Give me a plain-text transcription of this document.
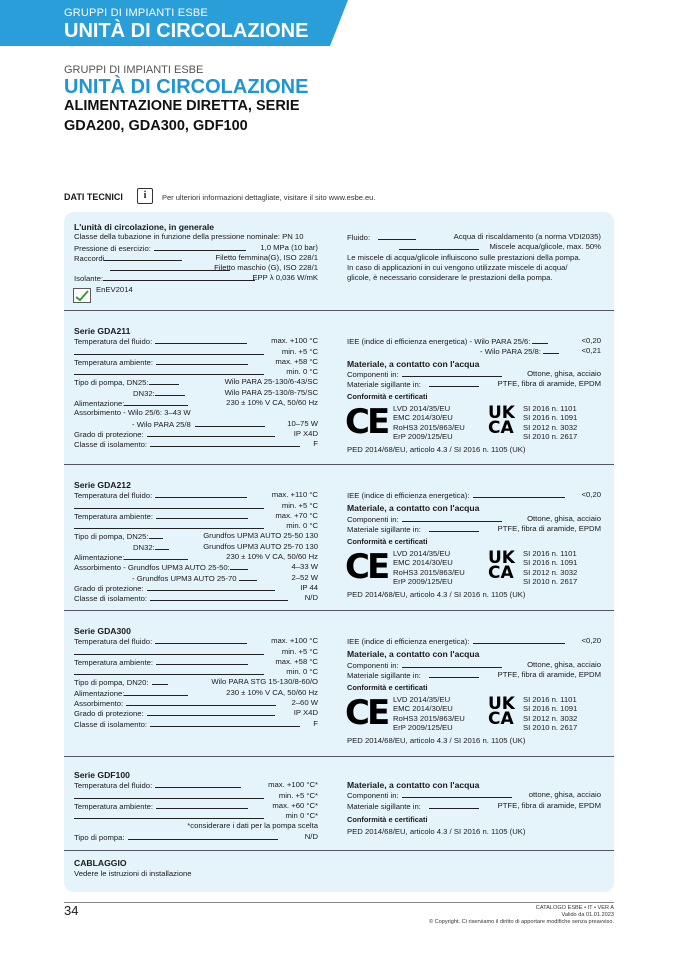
GRUPPI DI IMPIANTI ESBE
UNITÀ DI CIRCOLAZIONE
GRUPPI DI IMPIANTI ESBE
UNITÀ DI CIRCOLAZIONE
ALIMENTAZIONE DIRETTA, SERIE
GDA200, GDA300, GDF100
DATI TECNICI	i	Per ulteriori informazioni dettagliate, visitare il sito www.esbe.eu.
L'unità di circolazione, in generale
Classe della tubazione in funzione della pressione nominale: PN 10
Pressione di esercizio:	1,0 MPa (10 bar)
Raccordi	Filetto femmina(G), ISO 228/1
Filetto maschio (G), ISO 228/1
Isolante:	EPP λ 0,036 W/mK
EnEV2014
Fluido:	Acqua di riscaldamento (a norma VDI2035)
Miscele acqua/glicole, max. 50%
Le miscele di acqua/glicole influiscono sulle prestazioni della pompa.
In caso di applicazioni in cui vengono utilizzate miscele di acqua/
glicole, è necessario considerare le prestazioni della pompa.
Serie GDA211
Temperatura del fluido:	max. +100 °C
min. +5 °C
Temperatura ambiente:	max. +58 °C
min. 0 °C
Tipo di pompa, DN25:	Wilo PARA 25-130/6-43/SC
DN32:	Wilo PARA 25-130/8-75/SC
Alimentazione:	230 ± 10% V CA, 50/60 Hz
Assorbimento - Wilo 25/6: 3–43 W
- Wilo PARA 25/8	10–75 W
Grado di protezione:	IP X4D
Classe di isolamento:	F
IEE (indice di efficienza energetica) - Wilo PARA 25/6:	<0,20
- Wilo PARA 25/8:	<0,21
Materiale, a contatto con l'acqua
Componenti in:	Ottone, ghisa, acciaio
Materiale sigillante in:	PTFE, fibra di aramide, EPDM
Conformità e certificati
CE LVD 2014/35/EU
EMC 2014/30/EU
RoHS3 2015/863/EU
ErP 2009/125/EU
UK
CA
SI 2016 n. 1101
SI 2016 n. 1091
SI 2012 n. 3032
SI 2010 n. 2617
PED 2014/68/EU, articolo 4.3 / SI 2016 n. 1105 (UK)
Serie GDA212
Temperatura del fluido:	max. +110 °C
min. +5 °C
Temperatura ambiente:	max. +70 °C
min. 0 °C
Tipo di pompa, DN25:	Grundfos UPM3 AUTO 25-50 130
DN32:	Grundfos UPM3 AUTO 25-70 130
Alimentazione:	230 ± 10% V CA, 50/60 Hz
Assorbimento - Grundfos UPM3 AUTO 25-50:	4–33 W
- Grundfos UPM3 AUTO 25-70	2–52 W
Grado di protezione:	IP 44
Classe di isolamento:	N/D
IEE (indice di efficienza energetica):	<0,20
Materiale, a contatto con l'acqua
Componenti in:	Ottone, ghisa, acciaio
Materiale sigillante in:	PTFE, fibra di aramide, EPDM
Conformità e certificati
CE LVD 2014/35/EU
EMC 2014/30/EU
RoHS3 2015/863/EU
ErP 2009/125/EU
UK
CA
SI 2016 n. 1101
SI 2016 n. 1091
SI 2012 n. 3032
SI 2010 n. 2617
PED 2014/68/EU, articolo 4.3 / SI 2016 n. 1105 (UK)
Serie GDA300
Temperatura del fluido:	max. +100 °C
min. +5 °C
Temperatura ambiente:	max. +58 °C
min. 0 °C
Tipo di pompa, DN20:	Wilo PARA STG 15-130/8-60/O
Alimentazione:	230 ± 10% V CA, 50/60 Hz
Assorbimento:	2–60 W
Grado di protezione:	IP X4D
Classe di isolamento:	F
IEE (indice di efficienza energetica):	<0,20
Materiale, a contatto con l'acqua
Componenti in:	Ottone, ghisa, acciaio
Materiale sigillante in:	PTFE, fibra di aramide, EPDM
Conformità e certificati
CE LVD 2014/35/EU
EMC 2014/30/EU
RoHS3 2015/863/EU
ErP 2009/125/EU
UK
CA
SI 2016 n. 1101
SI 2016 n. 1091
SI 2012 n. 3032
SI 2010 n. 2617
PED 2014/68/EU, articolo 4.3 / SI 2016 n. 1105 (UK)
Serie GDF100
Temperatura del fluido:	max. +100 °C*
min. +5 °C*
Temperatura ambiente:	max. +60 °C*
min 0 °C*
*considerare i dati per la pompa scelta
Tipo di pompa:	N/D
Materiale, a contatto con l'acqua
Componenti in:	ottone, ghisa, acciaio
Materiale sigillante in:	PTFE, fibra di aramide, EPDM
Conformità e certificati
PED 2014/68/EU, articolo 4.3 / SI 2016 n. 1105 (UK)
CABLAGGIO
Vedere le istruzioni di installazione
34	CATALOGO ESBE • IT • VER A
Valido da 01.01.2023
© Copyright. Ci riserviamo il diritto di apportare modifiche senza preavviso.
